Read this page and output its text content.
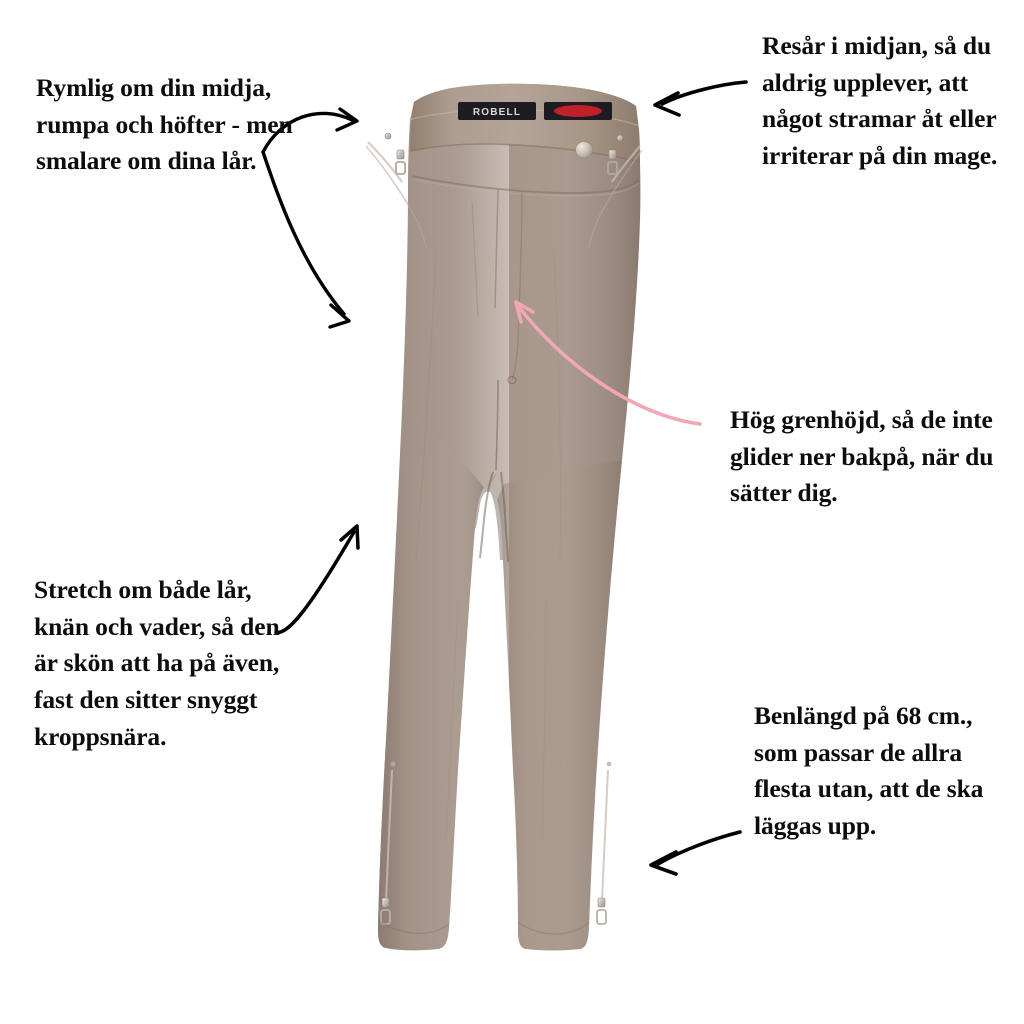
ROBELL
Rymlig om din midja, rumpa och höfter - men smalare om dina lår.
Resår i midjan, så du aldrig upplever, att något stramar åt eller irriterar på din mage.
Hög grenhöjd, så de inte glider ner bakpå, när du sätter dig.
Stretch om både lår, knän och vader, så den är skön att ha på även, fast den sitter snyggt kroppsnära.
Benlängd på 68 cm., som passar de allra flesta utan, att de ska läggas upp.
